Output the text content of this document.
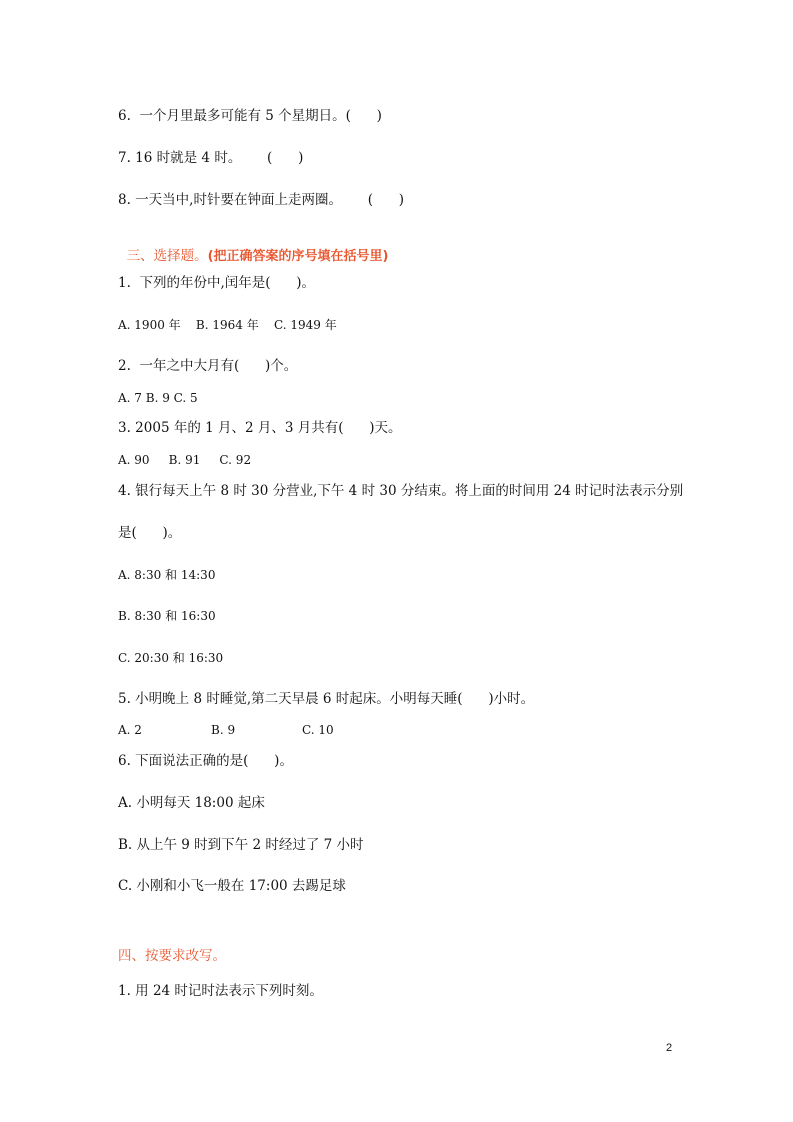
6.  一个月里最多可能有 5 个星期日。(      )
7. 16 时就是 4 时。      (      )
8. 一天当中,时针要在钟面上走两圈。      (      )

三、选择题。(把正确答案的序号填在括号里)

1.  下列的年份中,闰年是(      )。
A. 1900 年    B. 1964 年    C. 1949 年
2.  一年之中大月有(      )个。
A. 7 B. 9 C. 5
3. 2005 年的 1 月、2 月、3 月共有(      )天。
A. 90     B. 91     C. 92
4. 银行每天上午 8 时 30 分营业,下午 4 时 30 分结束。将上面的时间用 24 时记时法表示分别
是(      )。
A. 8:30 和 14:30
B. 8:30 和 16:30
C. 20:30 和 16:30
5. 小明晚上 8 时睡觉,第二天早晨 6 时起床。小明每天睡(      )小时。
A. 2	B. 9	C. 10
6. 下面说法正确的是(      )。
A. 小明每天 18:00 起床
B. 从上午 9 时到下午 2 时经过了 7 小时
C. 小刚和小飞一般在 17:00 去踢足球
四、按要求改写。
1. 用 24 时记时法表示下列时刻。
2
